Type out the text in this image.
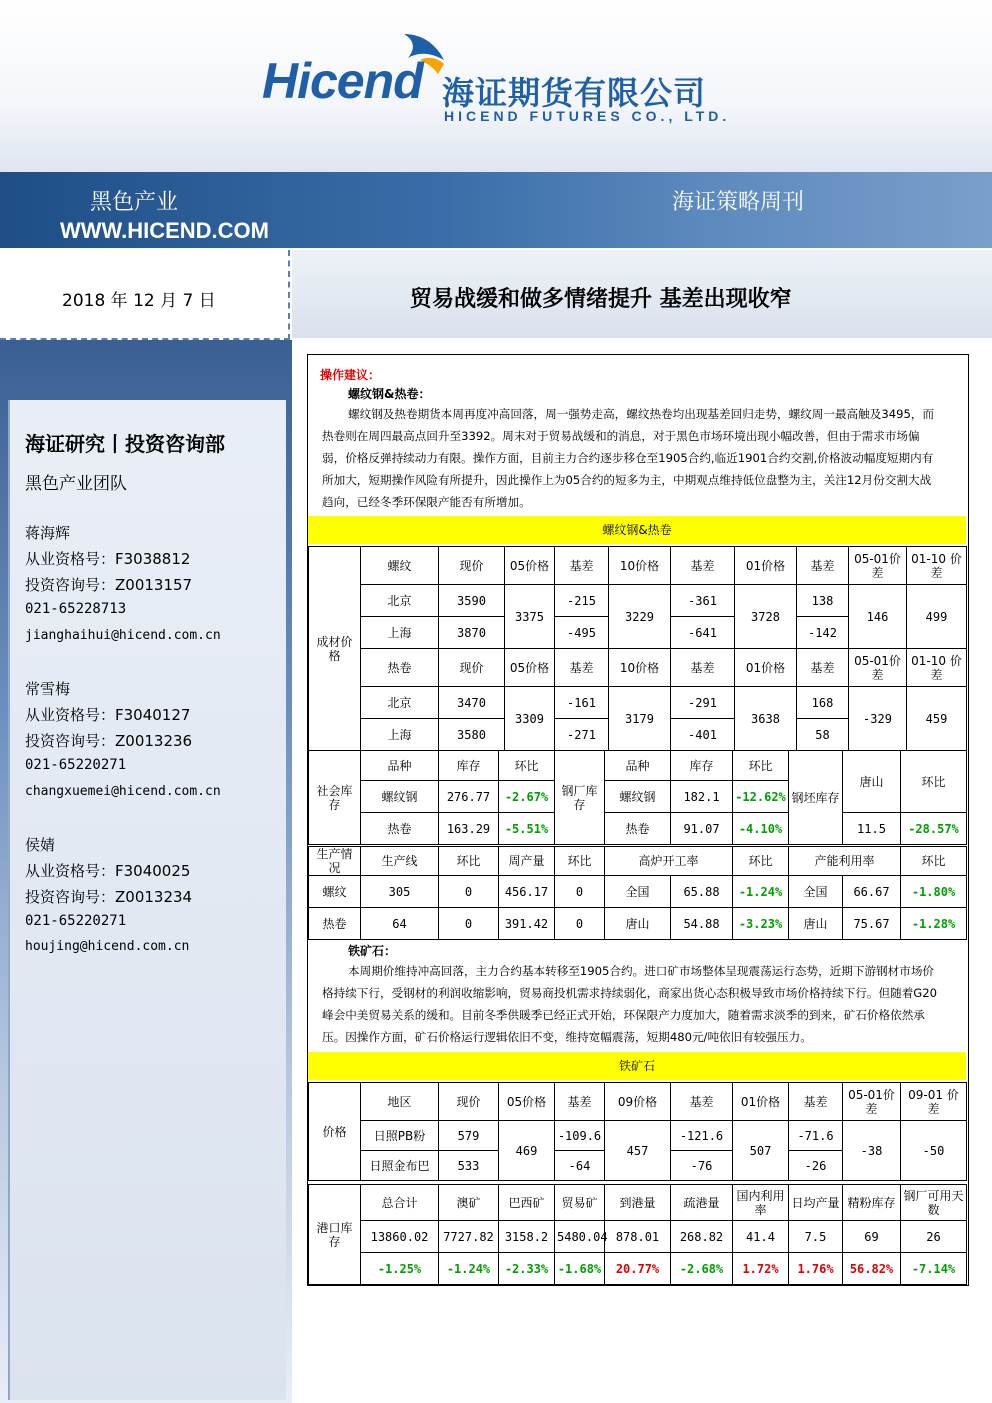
Hicend 海证期货有限公司
HICEND FUTURES CO., LTD.
黑色产业
WWW.HICEND.COM
海证策略周刊
2018 年 12 月 7 日	贸易战缓和做多情绪提升 基差出现收窄
海证研究丨投资咨询部
黑色产业团队
蒋海辉
从业资格号：F3038812
投资咨询号：Z0013157
021-65228713
jianghaihui@hicend.com.cn
常雪梅
从业资格号：F3040127
投资咨询号：Z0013236
021-65220271
changxuemei@hicend.com.cn
侯婧
从业资格号：F3040025
投资咨询号：Z0013234
021-65220271
houjing@hicend.com.cn
操作建议：
螺纹钢&热卷：
螺纹钢及热卷期货本周再度冲高回落，周一强势走高，螺纹热卷均出现基差回归走势，螺纹周一最高触及3495，而热卷则在周四最高点回升至3392。周末对于贸易战缓和的消息，对于黑色市场环境出现小幅改善，但由于需求市场偏弱，价格反弹持续动力有限。操作方面，目前主力合约逐步移仓至1905合约,临近1901合约交割,价格波动幅度短期内有所加大，短期操作风险有所提升，因此操作上为05合约的短多为主，中期观点维持低位盘整为主，关注12月份交割大战趋向，已经冬季环保限产能否有所增加。
螺纹钢&热卷
成材价格	螺纹	现价	05价格	基差	10价格	基差	01价格	基差	05-01价差	01-10 价差
	北京	3590	3375	-215	3229	-361	3728	138	146	499
	上海	3870		-495		-641		-142		
	热卷	现价	05价格	基差	10价格	基差	01价格	基差	05-01价差	01-10 价差
	北京	3470	3309	-161	3179	-291	3638	168	-329	459
	上海	3580		-271		-401		58		
社会库存	品种	库存	环比	钢厂库存	品种	库存	环比	钢坯库存	唐山	环比
	螺纹钢	276.77	-2.67%		螺纹钢	182.1	-12.62%			
	热卷	163.29	-5.51%		热卷	91.07	-4.10%		11.5	-28.57%
生产情况	生产线	环比	周产量	环比	高炉开工率		环比	产能利用率		环比
螺纹	305	0	456.17	0	全国	65.88	-1.24%	全国	66.67	-1.80%
热卷	64	0	391.42	0	唐山	54.88	-3.23%	唐山	75.67	-1.28%
铁矿石：
本周期价维持冲高回落，主力合约基本转移至1905合约。进口矿市场整体呈现震荡运行态势，近期下游钢材市场价格持续下行，受钢材的利润收缩影响，贸易商投机需求持续弱化，商家出货心态积极导致市场价格持续下行。但随着G20峰会中美贸易关系的缓和。目前冬季供暖季已经正式开始，环保限产力度加大，随着需求淡季的到来，矿石价格依然承压。因操作方面，矿石价格运行逻辑依旧不变，维持宽幅震荡，短期480元/吨依旧有较强压力。
铁矿石
价格	地区	现价	05价格	基差	09价格	基差	01价格	基差	05-01价差	09-01 价差
	日照PB粉	579	469	-109.6	457	-121.6	507	-71.6	-38	-50
	日照金布巴	533		-64		-76		-26		
港口库存	总合计	澳矿	巴西矿	贸易矿	到港量	疏港量	国内利用率	日均产量	精粉库存	钢厂可用天数
	13860.02	7727.82	3158.2	5480.04	878.01	268.82	41.4	7.5	69	26
	-1.25%	-1.24%	-2.33%	-1.68%	20.77%	-2.68%	1.72%	1.76%	56.82%	-7.14%
